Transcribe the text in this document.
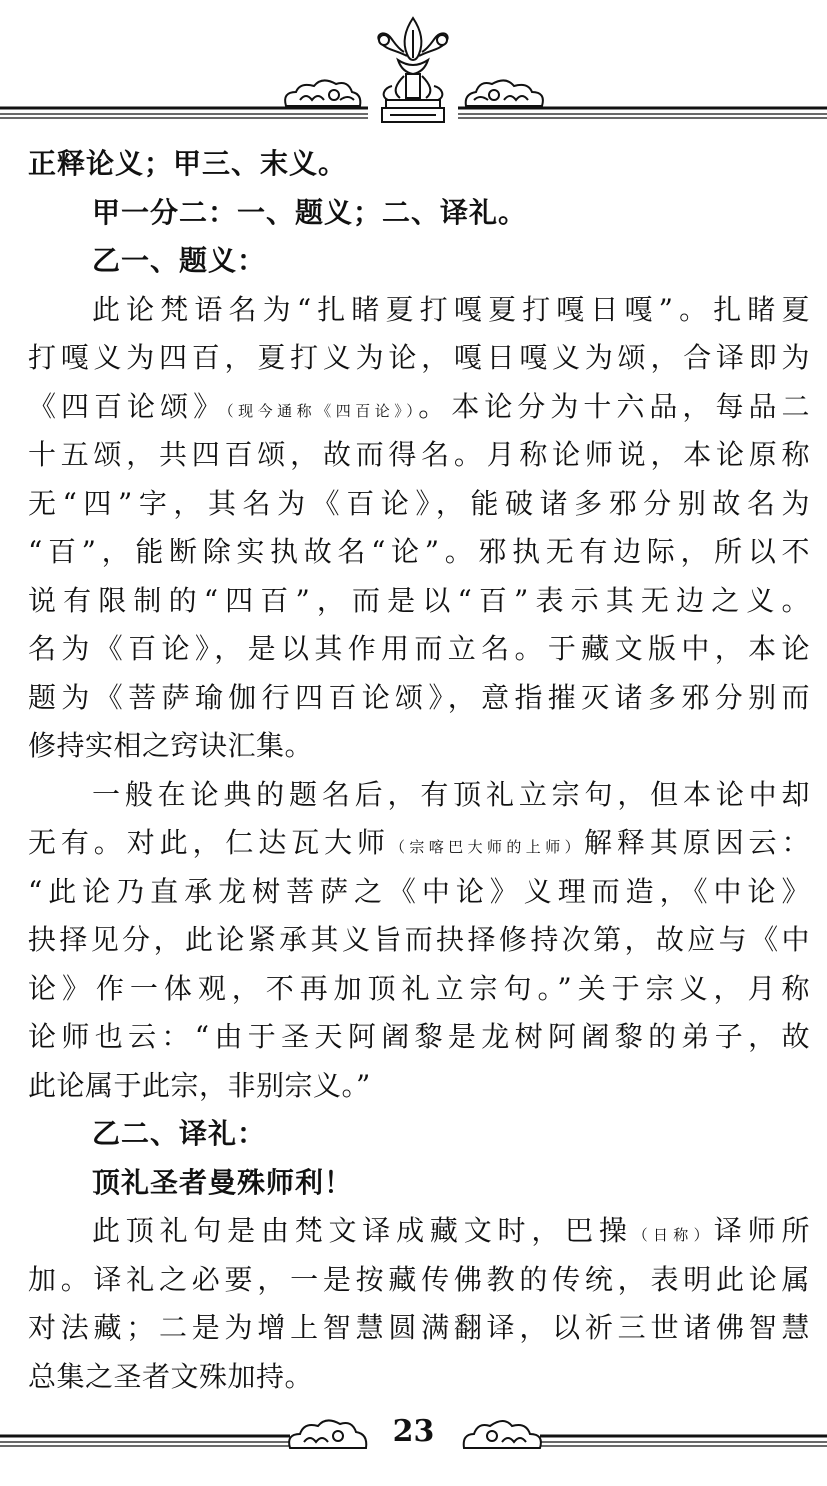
正释论义；甲三、末义。
甲一分二：一、题义；二、译礼。
乙一、题义：
此论梵语名为“扎睹夏打嘎夏打嘎日嘎”。扎睹夏
打嘎义为四百，夏打义为论，嘎日嘎义为颂，合译即为
《四百论颂》（现今通称《四百论》）。本论分为十六品，每品二
十五颂，共四百颂，故而得名。月称论师说，本论原称
无“四”字，其名为《百论》，能破诸多邪分别故名为
“百”，能断除实执故名“论”。邪执无有边际，所以不
说有限制的“四百”，而是以“百”表示其无边之义。
名为《百论》，是以其作用而立名。于藏文版中，本论
题为《菩萨瑜伽行四百论颂》，意指摧灭诸多邪分别而
修持实相之窍诀汇集。
一般在论典的题名后，有顶礼立宗句，但本论中却
无有。对此，仁达瓦大师（宗喀巴大师的上师）解释其原因云：
“此论乃直承龙树菩萨之《中论》义理而造，《中论》
抉择见分，此论紧承其义旨而抉择修持次第，故应与《中
论》作一体观，不再加顶礼立宗句。”关于宗义，月称
论师也云：“由于圣天阿阇黎是龙树阿阇黎的弟子，故
此论属于此宗，非别宗义。”
乙二、译礼：
顶礼圣者曼殊师利！
此顶礼句是由梵文译成藏文时，巴操（日称）译师所
加。译礼之必要，一是按藏传佛教的传统，表明此论属
对法藏；二是为增上智慧圆满翻译，以祈三世诸佛智慧
总集之圣者文殊加持。
23
